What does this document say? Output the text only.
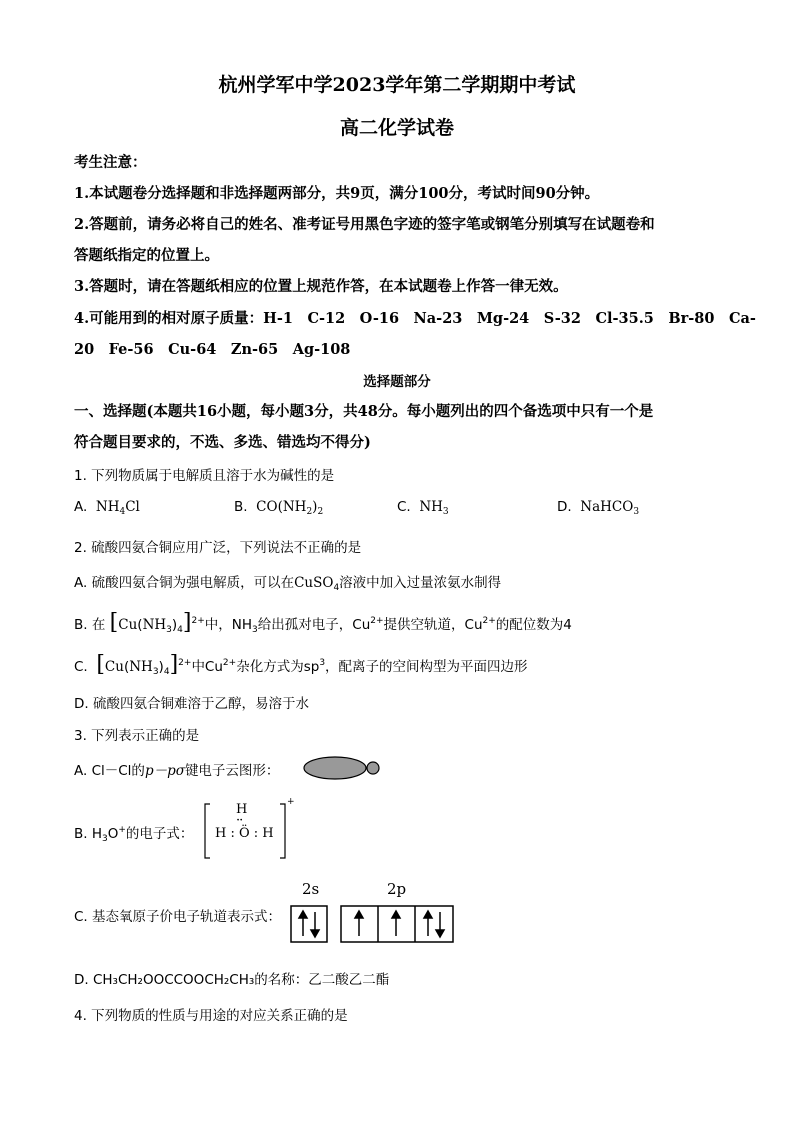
杭州学军中学2023学年第二学期期中考试
高二化学试卷
考生注意：
1.本试题卷分选择题和非选择题两部分，共9页，满分100分，考试时间90分钟。
2.答题前，请务必将自己的姓名、准考证号用黑色字迹的签字笔或钢笔分别填写在试题卷和
答题纸指定的位置上。
3.答题时，请在答题纸相应的位置上规范作答，在本试题卷上作答一律无效。
4.可能用到的相对原子质量：H-1　C-12　O-16　Na-23　Mg-24　S-32　Cl-35.5　Br-80　Ca-
20　Fe-56　Cu-64　Zn-65　Ag-108
选择题部分
一、选择题(本题共16小题，每小题3分，共48分。每小题列出的四个备选项中只有一个是
符合题目要求的，不选、多选、错选均不得分)
1. 下列物质属于电解质且溶于水为碱性的是
A. $NH_4Cl$	B. $CO(NH_2)_2$	C. $NH_3$	D. NaHCO$_3$
2. 硫酸四氨合铜应用广泛，下列说法不正确的是
A. 硫酸四氨合铜为强电解质，可以在CuSO$_4$溶液中加入过量浓氨水制得
B. 在 $[Cu(NH_3)_4]^{2+}$中，$NH_3$给出孤对电子，$Cu^{2+}$提供空轨道，$Cu^{2+}$的配位数为4
C. $[Cu(NH_3)_4]^{2+}$中$Cu^{2+}$杂化方式为$sp^3$，配离子的空间构型为平面四边形
D. 硫酸四氨合铜难溶于乙醇，易溶于水
3. 下列表示正确的是
A. Cl－Cl的p－pσ键电子云图形：
B. $H_3O^+$的电子式：
H
··
H : Ö : H
+
C. 基态氧原子价电子轨道表示式：
2s	2p
D. CH₃CH₂OOCCOOCH₂CH₃的名称：乙二酸乙二酯
4. 下列物质的性质与用途的对应关系正确的是
